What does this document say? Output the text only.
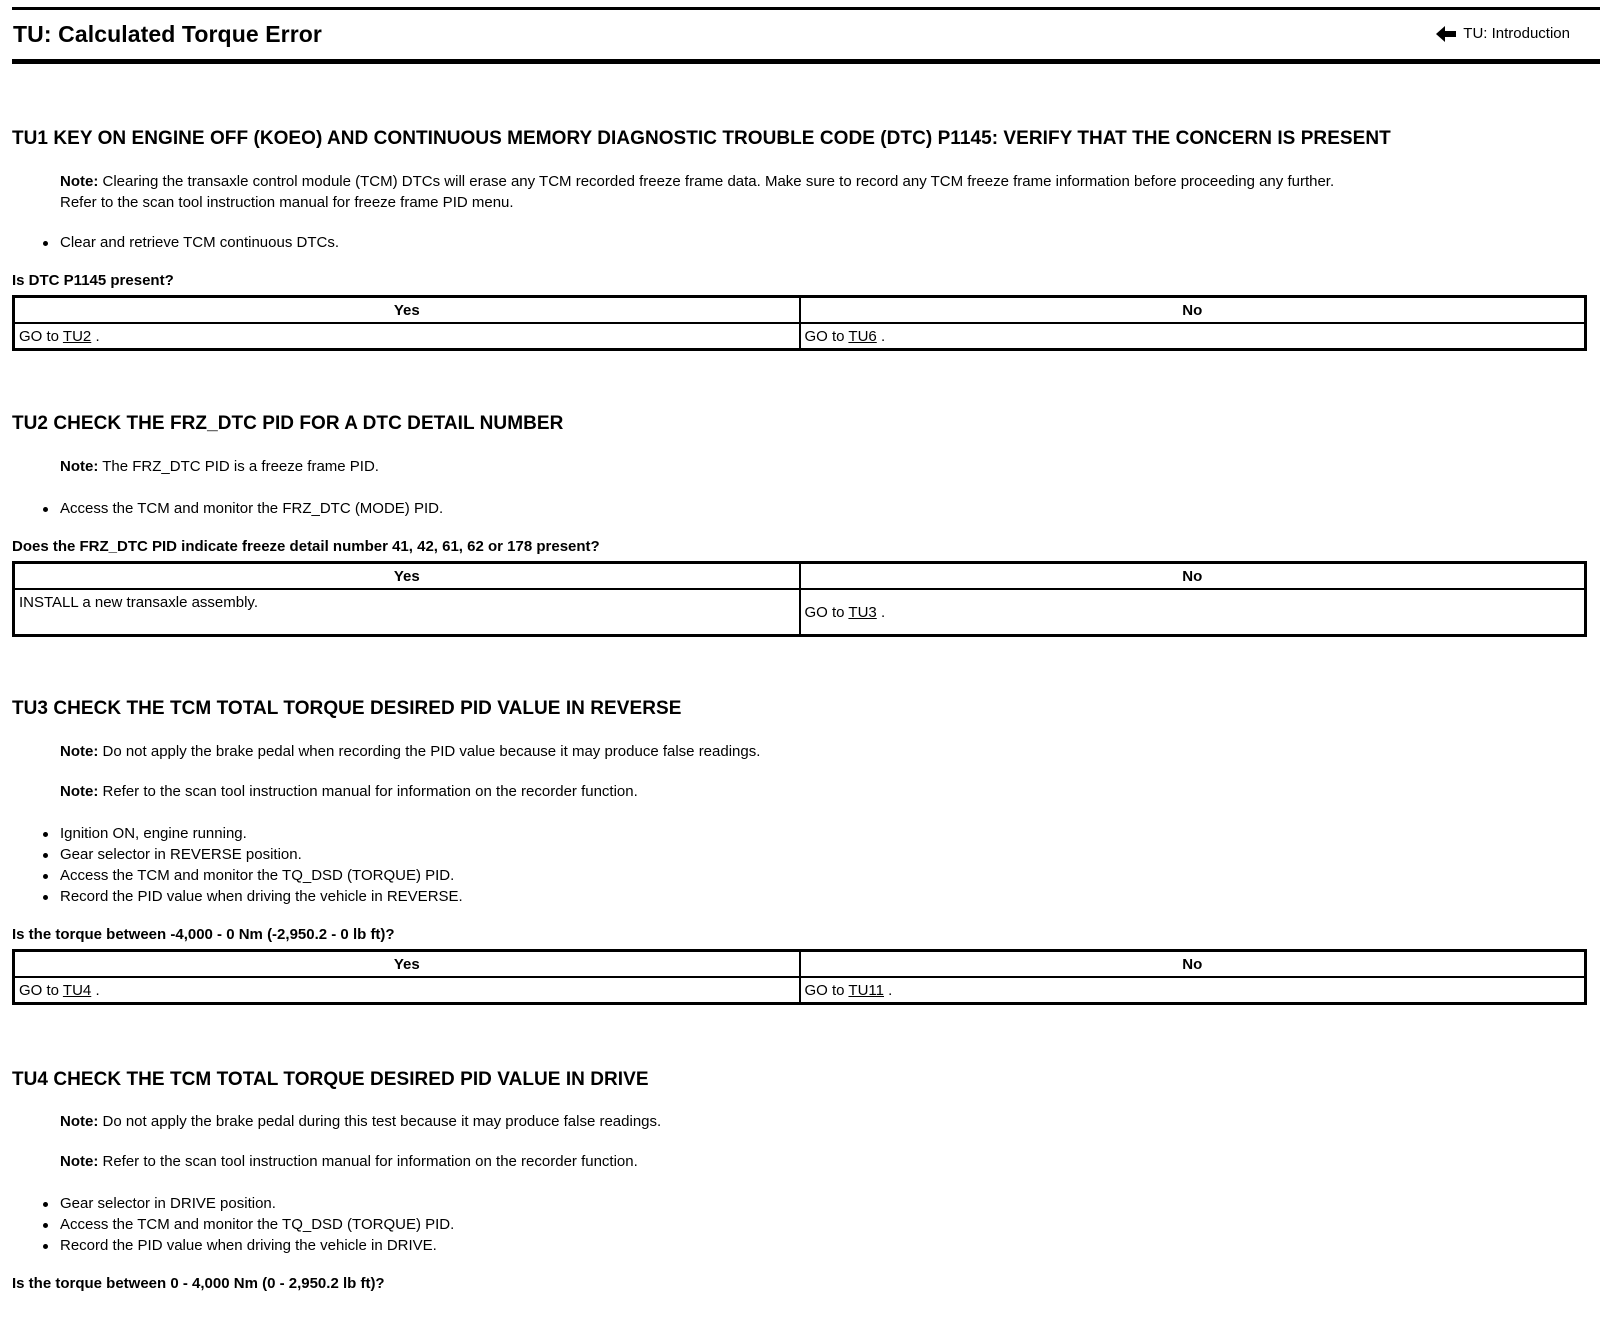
TU: Calculated Torque Error	TU: Introduction
TU1 KEY ON ENGINE OFF (KOEO) AND CONTINUOUS MEMORY DIAGNOSTIC TROUBLE CODE (DTC) P1145: VERIFY THAT THE CONCERN IS PRESENT
Note: Clearing the transaxle control module (TCM) DTCs will erase any TCM recorded freeze frame data. Make sure to record any TCM freeze frame information before proceeding any further.
Refer to the scan tool instruction manual for freeze frame PID menu.
Clear and retrieve TCM continuous DTCs.
Is DTC P1145 present?
Yes	No
GO to TU2 .	GO to TU6 .
TU2 CHECK THE FRZ_DTC PID FOR A DTC DETAIL NUMBER
Note: The FRZ_DTC PID is a freeze frame PID.
Access the TCM and monitor the FRZ_DTC (MODE) PID.
Does the FRZ_DTC PID indicate freeze detail number 41, 42, 61, 62 or 178 present?
Yes	No
INSTALL a new transaxle assembly.	GO to TU3 .
TU3 CHECK THE TCM TOTAL TORQUE DESIRED PID VALUE IN REVERSE
Note: Do not apply the brake pedal when recording the PID value because it may produce false readings.
Note: Refer to the scan tool instruction manual for information on the recorder function.
Ignition ON, engine running.
Gear selector in REVERSE position.
Access the TCM and monitor the TQ_DSD (TORQUE) PID.
Record the PID value when driving the vehicle in REVERSE.
Is the torque between -4,000 - 0 Nm (-2,950.2 - 0 lb ft)?
Yes	No
GO to TU4 .	GO to TU11 .
TU4 CHECK THE TCM TOTAL TORQUE DESIRED PID VALUE IN DRIVE
Note: Do not apply the brake pedal during this test because it may produce false readings.
Note: Refer to the scan tool instruction manual for information on the recorder function.
Gear selector in DRIVE position.
Access the TCM and monitor the TQ_DSD (TORQUE) PID.
Record the PID value when driving the vehicle in DRIVE.
Is the torque between 0 - 4,000 Nm (0 - 2,950.2 lb ft)?
